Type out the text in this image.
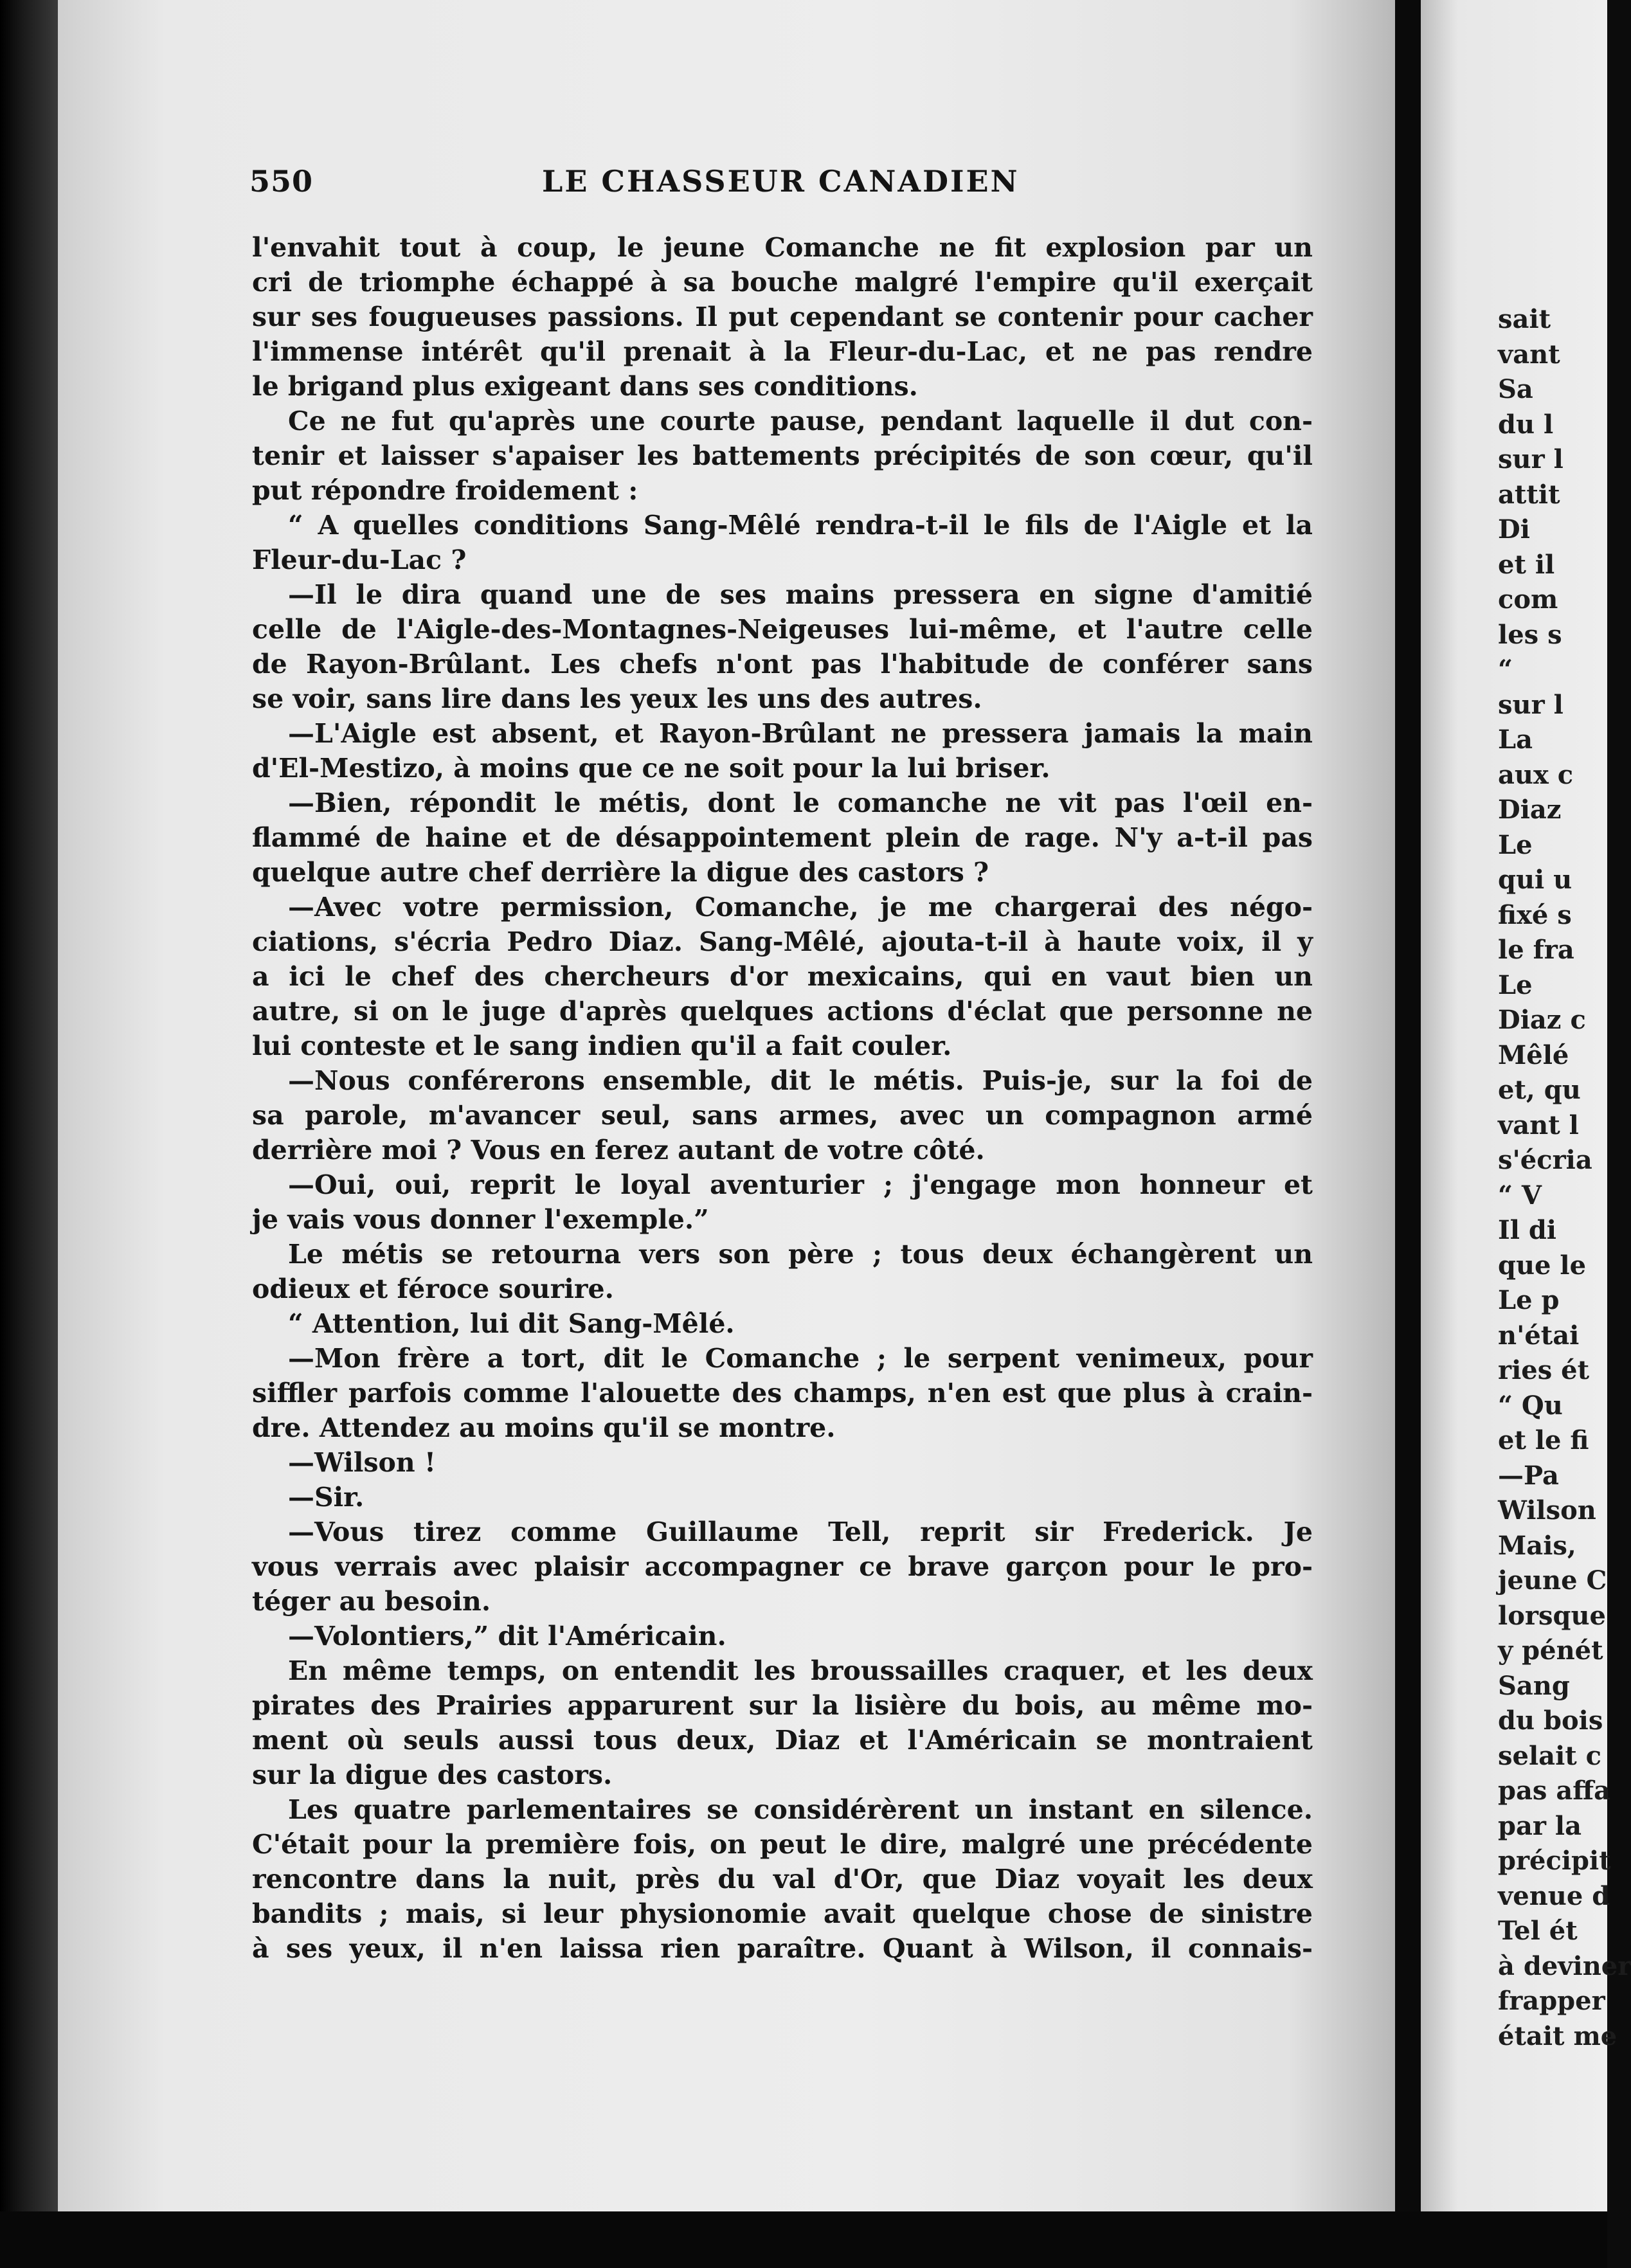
550	LE CHASSEUR CANADIEN
l'envahit tout à coup, le jeune Comanche ne fit explosion par un
cri de triomphe échappé à sa bouche malgré l'empire qu'il exerçait
sur ses fougueuses passions. Il put cependant se contenir pour cacher
l'immense intérêt qu'il prenait à la Fleur-du-Lac, et ne pas rendre
le brigand plus exigeant dans ses conditions.
Ce ne fut qu'après une courte pause, pendant laquelle il dut con-
tenir et laisser s'apaiser les battements précipités de son cœur, qu'il
put répondre froidement :
“ A quelles conditions Sang-Mêlé rendra-t-il le fils de l'Aigle et la
Fleur-du-Lac ?
—Il le dira quand une de ses mains pressera en signe d'amitié
celle de l'Aigle-des-Montagnes-Neigeuses lui-même, et l'autre celle
de Rayon-Brûlant. Les chefs n'ont pas l'habitude de conférer sans
se voir, sans lire dans les yeux les uns des autres.
—L'Aigle est absent, et Rayon-Brûlant ne pressera jamais la main
d'El-Mestizo, à moins que ce ne soit pour la lui briser.
—Bien, répondit le métis, dont le comanche ne vit pas l'œil en-
flammé de haine et de désappointement plein de rage. N'y a-t-il pas
quelque autre chef derrière la digue des castors ?
—Avec votre permission, Comanche, je me chargerai des négo-
ciations, s'écria Pedro Diaz. Sang-Mêlé, ajouta-t-il à haute voix, il y
a ici le chef des chercheurs d'or mexicains, qui en vaut bien un
autre, si on le juge d'après quelques actions d'éclat que personne ne
lui conteste et le sang indien qu'il a fait couler.
—Nous conférerons ensemble, dit le métis. Puis-je, sur la foi de
sa parole, m'avancer seul, sans armes, avec un compagnon armé
derrière moi ? Vous en ferez autant de votre côté.
—Oui, oui, reprit le loyal aventurier ; j'engage mon honneur et
je vais vous donner l'exemple.”
Le métis se retourna vers son père ; tous deux échangèrent un
odieux et féroce sourire.
“ Attention, lui dit Sang-Mêlé.
—Mon frère a tort, dit le Comanche ; le serpent venimeux, pour
siffler parfois comme l'alouette des champs, n'en est que plus à crain-
dre. Attendez au moins qu'il se montre.
—Wilson !
—Sir.
—Vous tirez comme Guillaume Tell, reprit sir Frederick. Je
vous verrais avec plaisir accompagner ce brave garçon pour le pro-
téger au besoin.
—Volontiers,” dit l'Américain.
En même temps, on entendit les broussailles craquer, et les deux
pirates des Prairies apparurent sur la lisière du bois, au même mo-
ment où seuls aussi tous deux, Diaz et l'Américain se montraient
sur la digue des castors.
Les quatre parlementaires se considérèrent un instant en silence.
C'était pour la première fois, on peut le dire, malgré une précédente
rencontre dans la nuit, près du val d'Or, que Diaz voyait les deux
bandits ; mais, si leur physionomie avait quelque chose de sinistre
à ses yeux, il n'en laissa rien paraître. Quant à Wilson, il connais-
sait
vant
Sa
du l
sur l
attit
Di
et il
com
les s
“
sur l
La
aux c
Diaz
Le
qui u
fixé s
le fra
Le
Diaz c
Mêlé
et, qu
vant l
s'écria
“ V
Il di
que le
Le p
n'étai
ries ét
“ Qu
et le fi
—Pa
Wilson
Mais,
jeune C
lorsque
y pénét
Sang
du bois
selait c
pas affa
par la
précipit
venue d
Tel ét
à deviner
frapper
était me
